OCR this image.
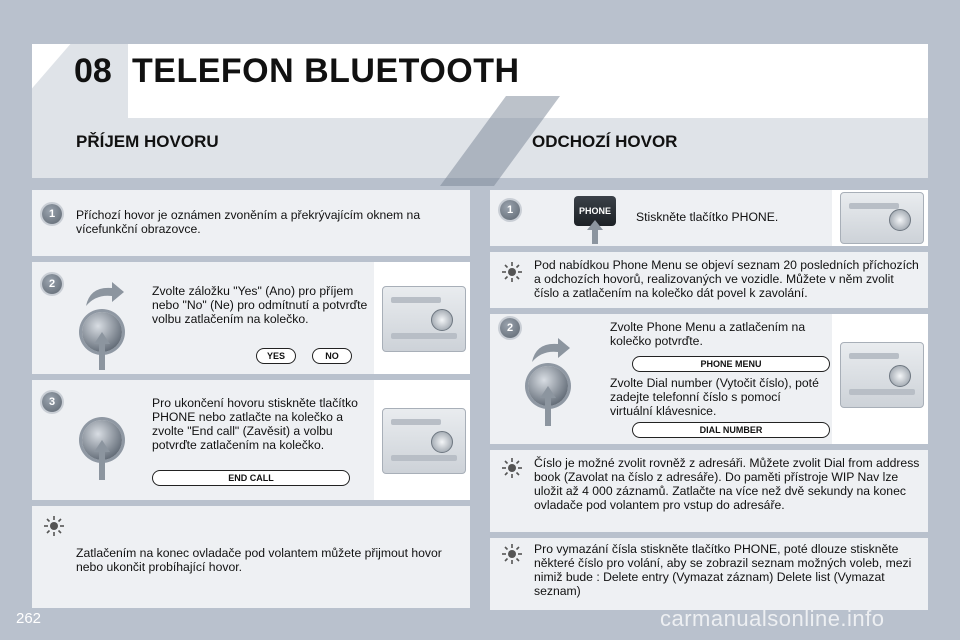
08 TELEFON BLUETOOTH
PŘÍJEM HOVORU	ODCHOZÍ HOVOR
1	Příchozí hovor je oznámen zvoněním a překrývajícím oknem na vícefunkční obrazovce.
2	Zvolte záložku "Yes" (Ano) pro příjem nebo "No" (Ne) pro odmítnutí a potvrďte volbu zatlačením na kolečko.
YES	NO
3	Pro ukončení hovoru stiskněte tlačítko PHONE nebo zatlačte na kolečko a zvolte "End call" (Zavěsit) a volbu potvrďte zatlačením na kolečko.
END CALL
Zatlačením na konec ovladače pod volantem můžete přijmout hovor nebo ukončit probíhající hovor.
1	PHONE	Stiskněte tlačítko PHONE.
Pod nabídkou Phone Menu se objeví seznam 20 posledních příchozích a odchozích hovorů, realizovaných ve vozidle. Můžete v něm zvolit číslo a zatlačením na kolečko dát povel k zavolání.
2	Zvolte Phone Menu a zatlačením na kolečko potvrďte.
PHONE MENU
Zvolte Dial number (Vytočit číslo), poté zadejte telefonní číslo s pomocí virtuální klávesnice.
DIAL NUMBER
Číslo je možné zvolit rovněž z adresáři. Můžete zvolit Dial from address book (Zavolat na číslo z adresáře). Do paměti přístroje WIP Nav lze uložit až 4 000 záznamů. Zatlačte na více než dvě sekundy na konec ovladače pod volantem pro vstup do adresáře.
Pro vymazání čísla stiskněte tlačítko PHONE, poté dlouze stiskněte některé číslo pro volání, aby se zobrazil seznam možných voleb, mezi nimiž bude : Delete entry (Vymazat záznam) Delete list (Vymazat seznam)
262	carmanualsonline.info
